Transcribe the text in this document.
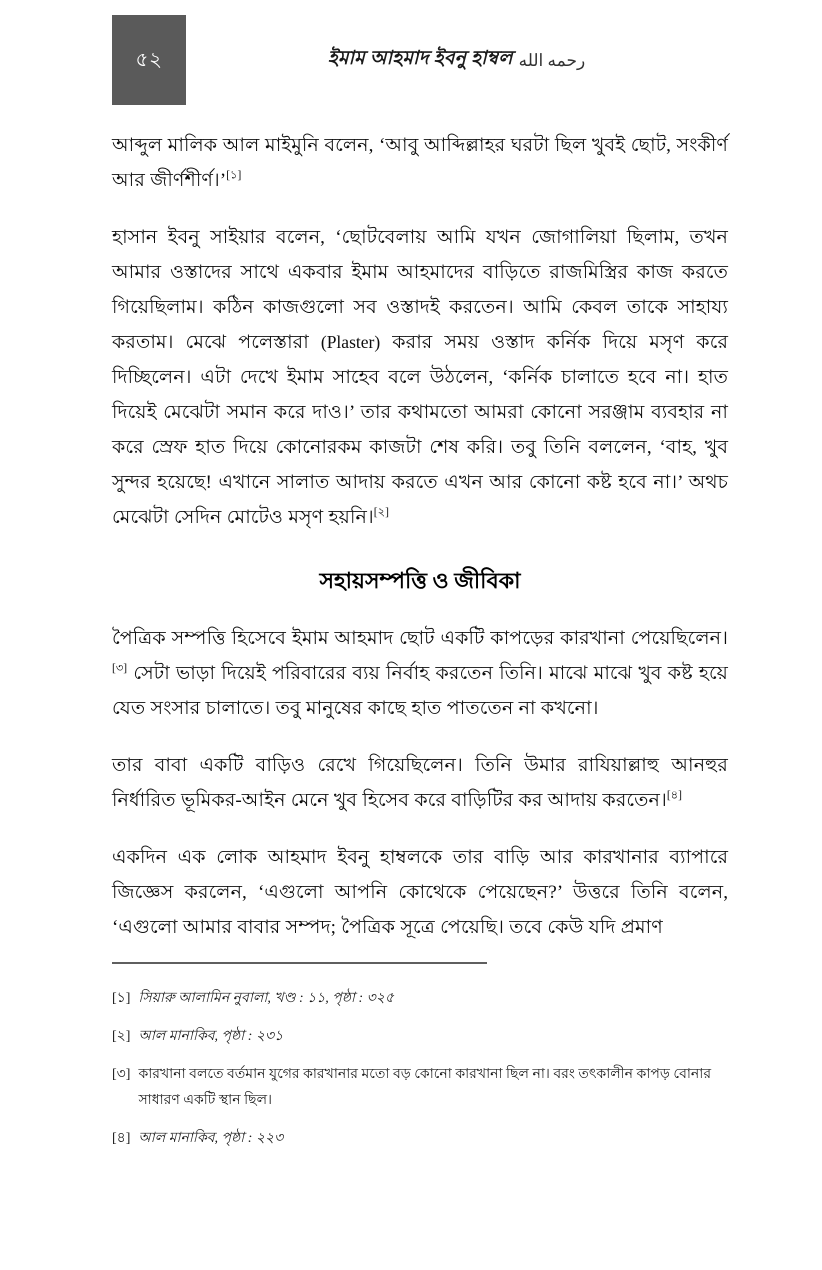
৫২	ইমাম আহমাদ ইবনু হাম্বল رحمه الله

আব্দুল মালিক আল মাইমুনি বলেন, ‘আবু আব্দিল্লাহর ঘরটা ছিল খুবই ছোট, সংকীর্ণ আর জীর্ণশীর্ণ।’[১]

হাসান ইবনু সাইয়ার বলেন, ‘ছোটবেলায় আমি যখন জোগালিয়া ছিলাম, তখন আমার ওস্তাদের সাথে একবার ইমাম আহমাদের বাড়িতে রাজমিস্ত্রির কাজ করতে গিয়েছিলাম। কঠিন কাজগুলো সব ওস্তাদই করতেন। আমি কেবল তাকে সাহায্য করতাম। মেঝে পলেস্তারা (Plaster) করার সময় ওস্তাদ কর্নিক দিয়ে মসৃণ করে দিচ্ছিলেন। এটা দেখে ইমাম সাহেব বলে উঠলেন, ‘কর্নিক চালাতে হবে না। হাত দিয়েই মেঝেটা সমান করে দাও।’ তার কথামতো আমরা কোনো সরঞ্জাম ব্যবহার না করে স্রেফ হাত দিয়ে কোনোরকম কাজটা শেষ করি। তবু তিনি বললেন, ‘বাহ, খুব সুন্দর হয়েছে! এখানে সালাত আদায় করতে এখন আর কোনো কষ্ট হবে না।’ অথচ মেঝেটা সেদিন মোটেও মসৃণ হয়নি।[২]

সহায়সম্পত্তি ও জীবিকা

পৈত্রিক সম্পত্তি হিসেবে ইমাম আহমাদ ছোট একটি কাপড়ের কারখানা পেয়েছিলেন।[৩] সেটা ভাড়া দিয়েই পরিবারের ব্যয় নির্বাহ করতেন তিনি। মাঝে মাঝে খুব কষ্ট হয়ে যেত সংসার চালাতে। তবু মানুষের কাছে হাত পাততেন না কখনো।

তার বাবা একটি বাড়িও রেখে গিয়েছিলেন। তিনি উমার রাযিয়াল্লাহু আনহুর নির্ধারিত ভূমিকর-আইন মেনে খুব হিসেব করে বাড়িটির কর আদায় করতেন।[৪]

একদিন এক লোক আহমাদ ইবনু হাম্বলকে তার বাড়ি আর কারখানার ব্যাপারে জিজ্ঞেস করলেন, ‘এগুলো আপনি কোথেকে পেয়েছেন?’ উত্তরে তিনি বলেন, ‘এগুলো আমার বাবার সম্পদ; পৈত্রিক সূত্রে পেয়েছি। তবে কেউ যদি প্রমাণ

[১] সিয়ারু আলামিন নুবালা, খণ্ড : ১১, পৃষ্ঠা : ৩২৫
[২] আল মানাকিব, পৃষ্ঠা : ২৩১
[৩] কারখানা বলতে বর্তমান যুগের কারখানার মতো বড় কোনো কারখানা ছিল না। বরং তৎকালীন কাপড় বোনার সাধারণ একটি স্থান ছিল।
[৪] আল মানাকিব, পৃষ্ঠা : ২২৩
